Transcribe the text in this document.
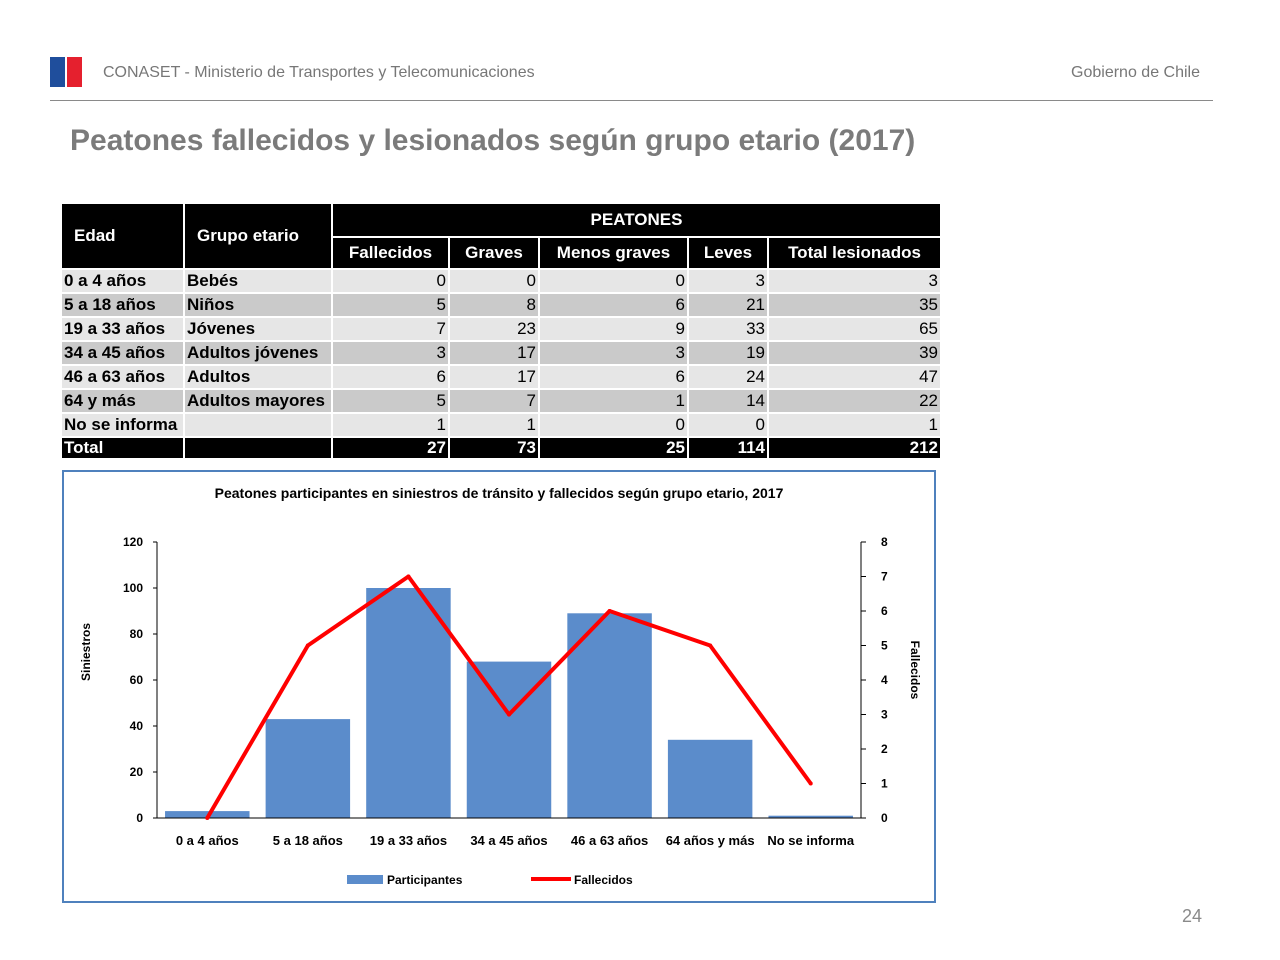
CONASET - Ministerio de Transportes y Telecomunicaciones	Gobierno de Chile
Peatones fallecidos y lesionados según grupo etario (2017)
Edad	Grupo etario	PEATONES				
		Fallecidos	Graves	Menos graves	Leves	Total lesionados
0 a 4 años	Bebés	0	0	0	3	3
5 a 18 años	Niños	5	8	6	21	35
19 a 33 años	Jóvenes	7	23	9	33	65
34 a 45 años	Adultos jóvenes	3	17	3	19	39
46 a 63 años	Adultos	6	17	6	24	47
64 y más	Adultos mayores	5	7	1	14	22
No se informa		1	1	0	0	1
Total		27	73	25	114	212
Peatones participantes en siniestros de tránsito y fallecidos según grupo etario, 2017
0
20
40
60
80
100
120
0
1
2
3
4
5
6
7
8
0 a 4 años	5 a 18 años 19 a 33 años 34 a 45 años 46 a 63 años 64 años y más No se informa
Siniestros	Fallecidos
Participantes	Fallecidos
24
